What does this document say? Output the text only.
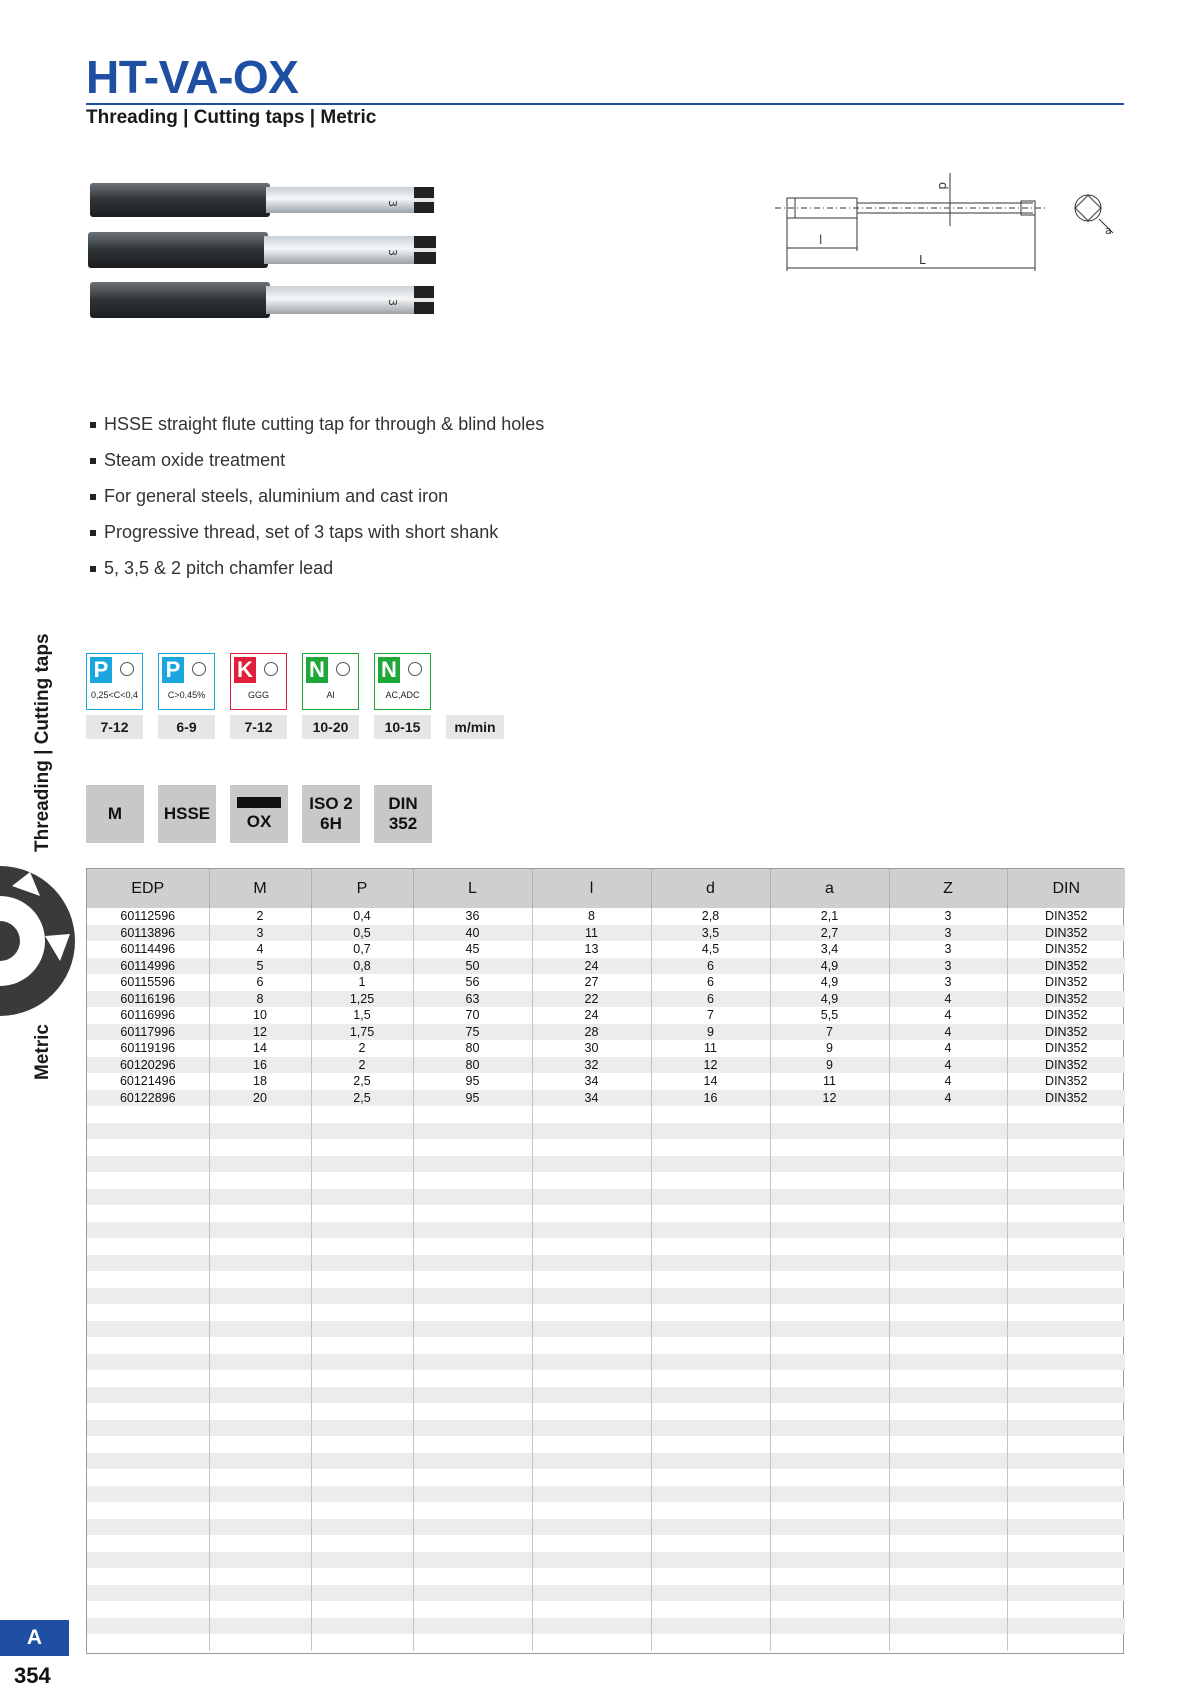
HT-VA-OX
Threading | Cutting taps | Metric
3
3
3
d
l
L
a
HSSE straight flute cutting tap for through & blind holes
Steam oxide treatment
For general steels, aluminium and cast iron
Progressive thread, set of 3 taps with short shank
5, 3,5 & 2 pitch chamfer lead
Threading | Cutting taps
Metric
P
0,25<C<0,4
P
C>0.45%
K
GGG
N
Al
N
AC,ADC
7-12	6-9	7-12	10-20	10-15	m/min
M	HSSE	OX
ISO 2
6H
DIN
352
EDP	M	P	L	l	d	a	Z	DIN
60112596	2	0,4	36	8	2,8	2,1	3	DIN352
60113896	3	0,5	40	11	3,5	2,7	3	DIN352
60114496	4	0,7	45	13	4,5	3,4	3	DIN352
60114996	5	0,8	50	24	6	4,9	3	DIN352
60115596	6	1	56	27	6	4,9	3	DIN352
60116196	8	1,25	63	22	6	4,9	4	DIN352
60116996	10	1,5	70	24	7	5,5	4	DIN352
60117996	12	1,75	75	28	9	7	4	DIN352
60119196	14	2	80	30	11	9	4	DIN352
60120296	16	2	80	32	12	9	4	DIN352
60121496	18	2,5	95	34	14	11	4	DIN352
60122896	20	2,5	95	34	16	12	4	DIN352

A
354
